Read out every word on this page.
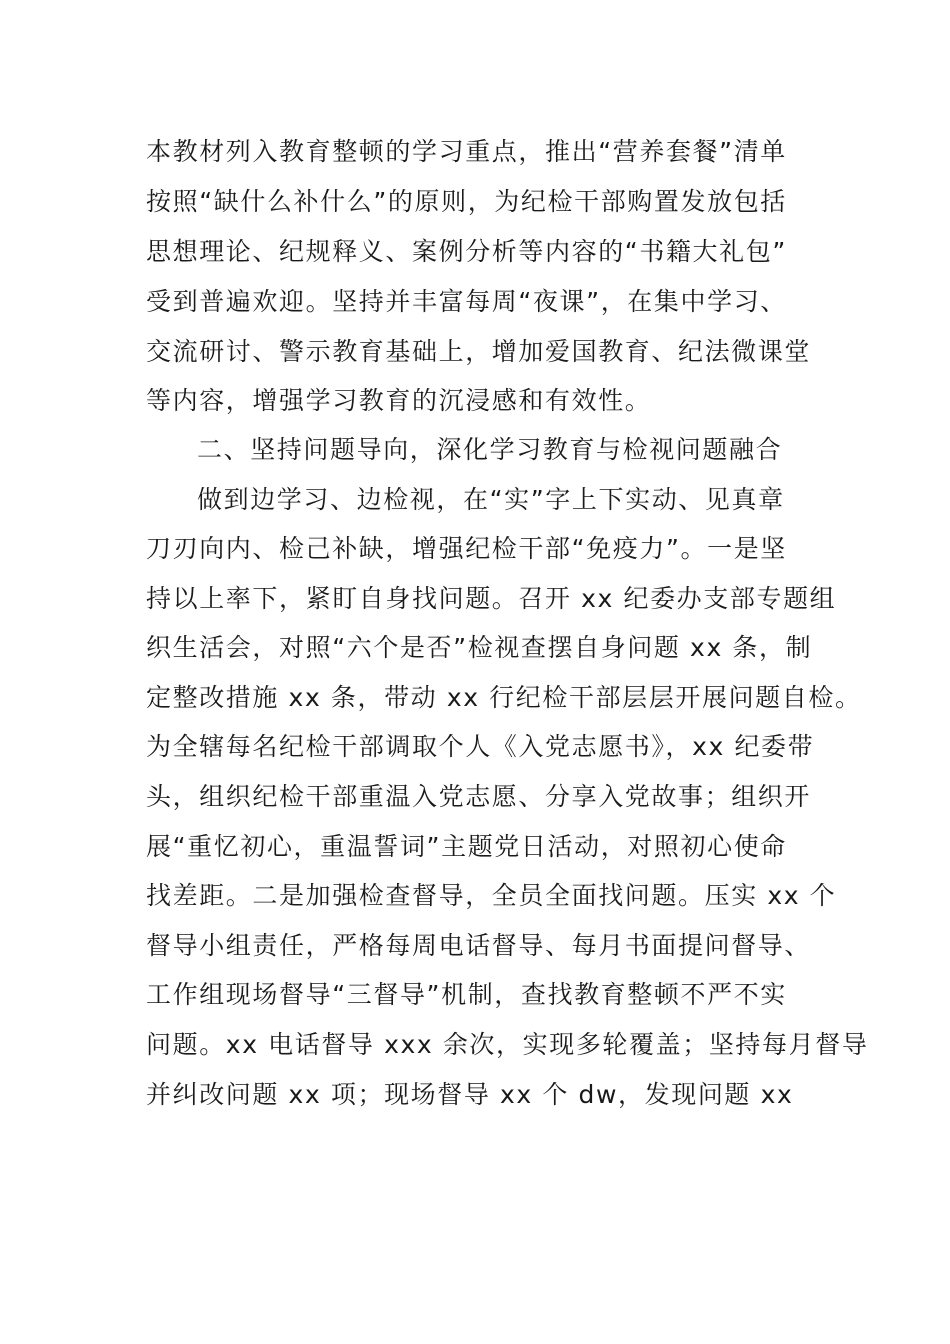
本教材列入教育整顿的学习重点，推出“营养套餐”清单
按照“缺什么补什么”的原则，为纪检干部购置发放包括
思想理论、纪规释义、案例分析等内容的“书籍大礼包”
受到普遍欢迎。坚持并丰富每周“夜课”，在集中学习、
交流研讨、警示教育基础上，增加爱国教育、纪法微课堂
等内容，增强学习教育的沉浸感和有效性。
二、坚持问题导向，深化学习教育与检视问题融合
做到边学习、边检视，在“实”字上下实动、见真章
刀刃向内、检己补缺，增强纪检干部“免疫力”。一是坚
持以上率下，紧盯自身找问题。召开 xx 纪委办支部专题组
织生活会，对照“六个是否”检视查摆自身问题 xx 条，制
定整改措施 xx 条，带动 xx 行纪检干部层层开展问题自检。
为全辖每名纪检干部调取个人《入党志愿书》，xx 纪委带
头，组织纪检干部重温入党志愿、分享入党故事；组织开
展“重忆初心，重温誓词”主题党日活动，对照初心使命
找差距。二是加强检查督导，全员全面找问题。压实 xx 个
督导小组责任，严格每周电话督导、每月书面提问督导、
工作组现场督导“三督导”机制，查找教育整顿不严不实
问题。xx 电话督导 xxx 余次，实现多轮覆盖；坚持每月督导
并纠改问题 xx 项；现场督导 xx 个 dw，发现问题 xx
